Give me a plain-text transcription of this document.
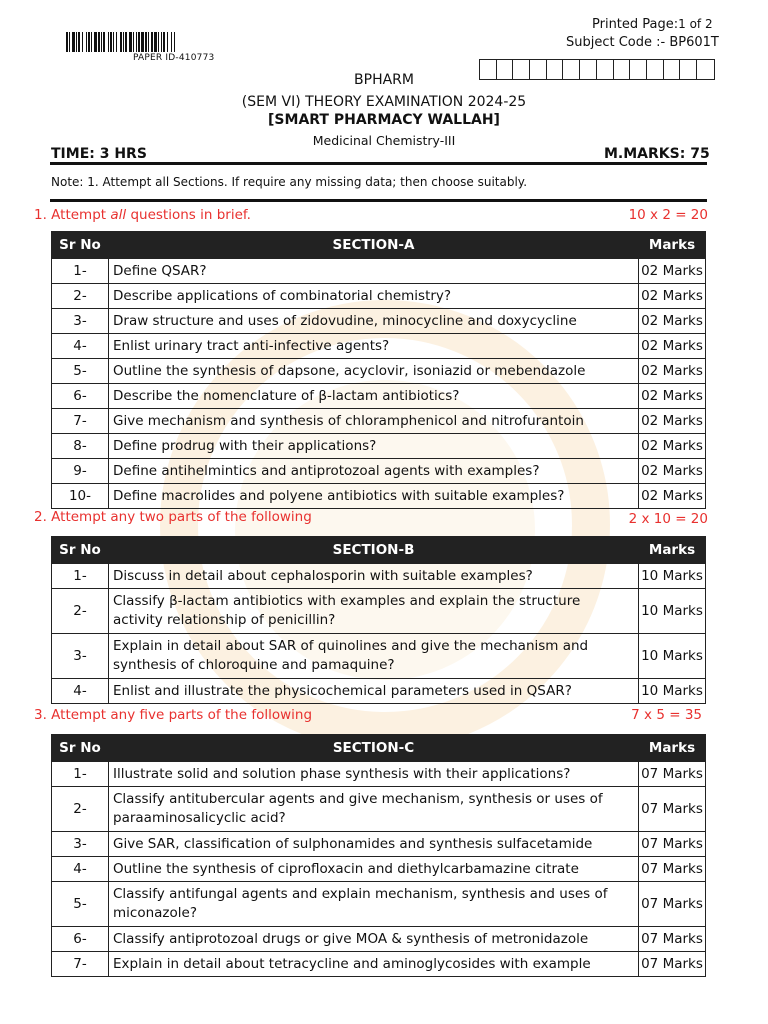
PAPER ID-410773
Printed Page:1 of 2
Subject Code :- BP601T
BPHARM
(SEM VI) THEORY EXAMINATION 2024-25
[SMART PHARMACY WALLAH]
Medicinal Chemistry-III
TIME: 3 HRS	M.MARKS: 75
Note: 1. Attempt all Sections. If require any missing data; then choose suitably.
1. Attempt all questions in brief.	10 x 2 = 20
Sr No	SECTION-A	Marks
1-	Define QSAR?	02 Marks
2-	Describe applications of combinatorial chemistry?	02 Marks
3-	Draw structure and uses of zidovudine, minocycline and doxycycline	02 Marks
4-	Enlist urinary tract anti-infective agents?	02 Marks
5-	Outline the synthesis of dapsone, acyclovir, isoniazid or mebendazole	02 Marks
6-	Describe the nomenclature of β-lactam antibiotics?	02 Marks
7-	Give mechanism and synthesis of chloramphenicol and nitrofurantoin	02 Marks
8-	Define prodrug with their applications?	02 Marks
9-	Define antihelmintics and antiprotozoal agents with examples?	02 Marks
10-	Define macrolides and polyene antibiotics with suitable examples?	02 Marks
2. Attempt any two parts of the following	2 x 10 = 20
Sr No	SECTION-B	Marks
1-	Discuss in detail about cephalosporin with suitable examples?	10 Marks
2-	Classify β-lactam antibiotics with examples and explain the structure activity relationship of penicillin?	10 Marks
3-	Explain in detail about SAR of quinolines and give the mechanism and synthesis of chloroquine and pamaquine?	10 Marks
4-	Enlist and illustrate the physicochemical parameters used in QSAR?	10 Marks
3. Attempt any five parts of the following	7 x 5 = 35
Sr No	SECTION-C	Marks
1-	Illustrate solid and solution phase synthesis with their applications?	07 Marks
2-	Classify antitubercular agents and give mechanism, synthesis or uses of paraaminosalicyclic acid?	07 Marks
3-	Give SAR, classification of sulphonamides and synthesis sulfacetamide	07 Marks
4-	Outline the synthesis of ciprofloxacin and diethylcarbamazine citrate	07 Marks
5-	Classify antifungal agents and explain mechanism, synthesis and uses of miconazole?	07 Marks
6-	Classify antiprotozoal drugs or give MOA & synthesis of metronidazole	07 Marks
7-	Explain in detail about tetracycline and aminoglycosides with example	07 Marks
